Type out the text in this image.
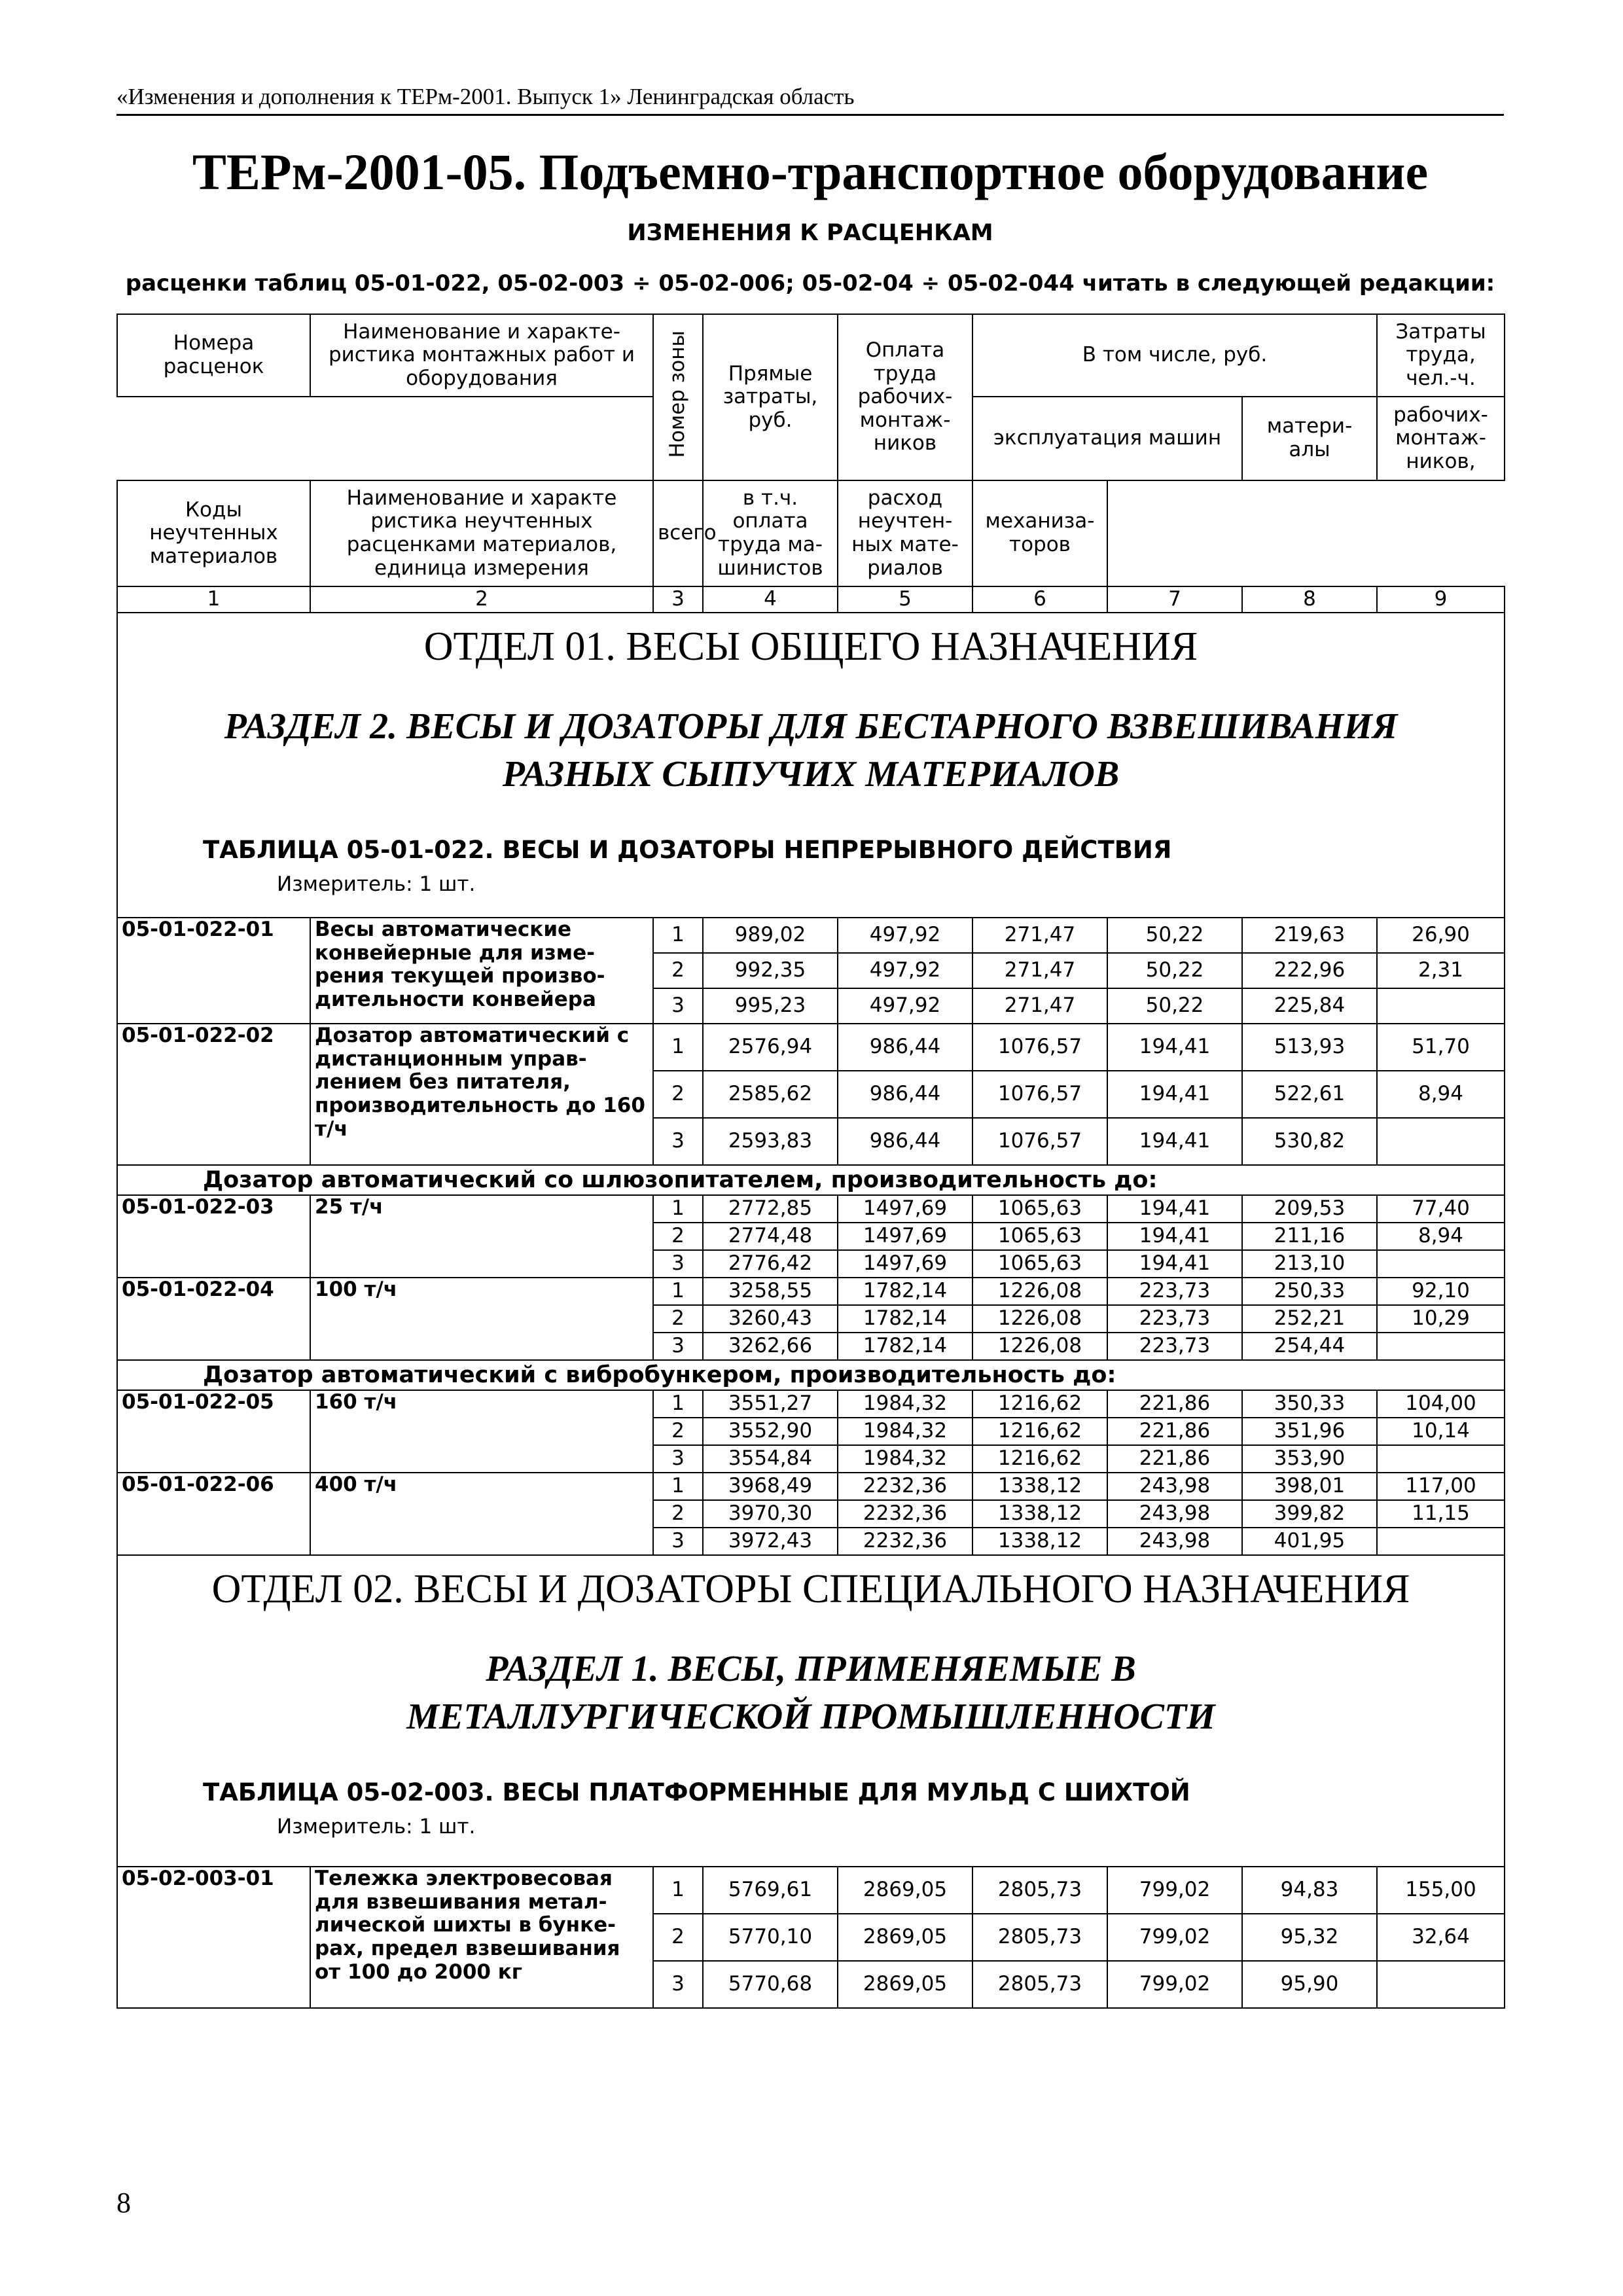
«Изменения и дополнения к ТЕРм-2001. Выпуск 1» Ленинградская область
ТЕРм-2001-05. Подъемно-транспортное оборудование
ИЗМЕНЕНИЯ К РАСЦЕНКАМ
расценки таблиц 05-01-022, 05-02-003 ÷ 05-02-006; 05-02-04 ÷ 05-02-044 читать в следующей редакции:
Номера расценок	Наименование и характе-ристика монтажных работ и оборудования	Номер зоны	Прямые затраты, руб.	Оплата труда рабочих-монтаж-ников	В том числе, руб.			Затраты труда, чел.-ч.
					эксплуатация машин		матери-алы	рабочих-монтаж-ников,

Коды неучтенных материалов	Наименование и характе ристика неучтенных расценками материалов, единица измерения	всего	в т.ч. оплата труда ма-шинистов	расход неучтен-ных мате-риалов	механиза-торов			
1	2	3	4	5	6	7	8	9

ОТДЕЛ 01. ВЕСЫ ОБЩЕГО НАЗНАЧЕНИЯ
РАЗДЕЛ 2. ВЕСЫ И ДОЗАТОРЫ ДЛЯ БЕСТАРНОГО ВЗВЕШИВАНИЯ РАЗНЫХ СЫПУЧИХ МАТЕРИАЛОВ
ТАБЛИЦА 05-01-022. ВЕСЫ И ДОЗАТОРЫ НЕПРЕРЫВНОГО ДЕЙСТВИЯ
Измеритель: 1 шт.								

05-01-022-01	Весы автоматические конвейерные для изме-рения текущей произво-дительности конвейера	1	989,02	497,92	271,47	50,22	219,63	26,90
		2	992,35	497,92	271,47	50,22	222,96	2,31
		3	995,23	497,92	271,47	50,22	225,84	
05-01-022-02	Дозатор автоматический с дистанционным управ-лением без питателя, производительность до 160 т/ч	1	2576,94	986,44	1076,57	194,41	513,93	51,70
		2	2585,62	986,44	1076,57	194,41	522,61	8,94
		3	2593,83	986,44	1076,57	194,41	530,82	
Дозатор автоматический со шлюзопитателем, производительность до:								
05-01-022-03	25 т/ч	1	2772,85	1497,69	1065,63	194,41	209,53	77,40
		2	2774,48	1497,69	1065,63	194,41	211,16	8,94
		3	2776,42	1497,69	1065,63	194,41	213,10	
05-01-022-04	100 т/ч	1	3258,55	1782,14	1226,08	223,73	250,33	92,10
		2	3260,43	1782,14	1226,08	223,73	252,21	10,29
		3	3262,66	1782,14	1226,08	223,73	254,44	
Дозатор автоматический с вибробункером, производительность до:								
05-01-022-05	160 т/ч	1	3551,27	1984,32	1216,62	221,86	350,33	104,00
		2	3552,90	1984,32	1216,62	221,86	351,96	10,14
		3	3554,84	1984,32	1216,62	221,86	353,90	
05-01-022-06	400 т/ч	1	3968,49	2232,36	1338,12	243,98	398,01	117,00
		2	3970,30	2232,36	1338,12	243,98	399,82	11,15
		3	3972,43	2232,36	1338,12	243,98	401,95	

ОТДЕЛ 02. ВЕСЫ И ДОЗАТОРЫ СПЕЦИАЛЬНОГО НАЗНАЧЕНИЯ
РАЗДЕЛ 1. ВЕСЫ, ПРИМЕНЯЕМЫЕ В МЕТАЛЛУРГИЧЕСКОЙ ПРОМЫШЛЕННОСТИ
ТАБЛИЦА 05-02-003. ВЕСЫ ПЛАТФОРМЕННЫЕ ДЛЯ МУЛЬД С ШИХТОЙ
Измеритель: 1 шт.								

05-02-003-01	Тележка электровесовая для взвешивания метал-лической шихты в бунке-рах, предел взвешивания от 100 до 2000 кг	1	5769,61	2869,05	2805,73	799,02	94,83	155,00
		2	5770,10	2869,05	2805,73	799,02	95,32	32,64
		3	5770,68	2869,05	2805,73	799,02	95,90	
8
